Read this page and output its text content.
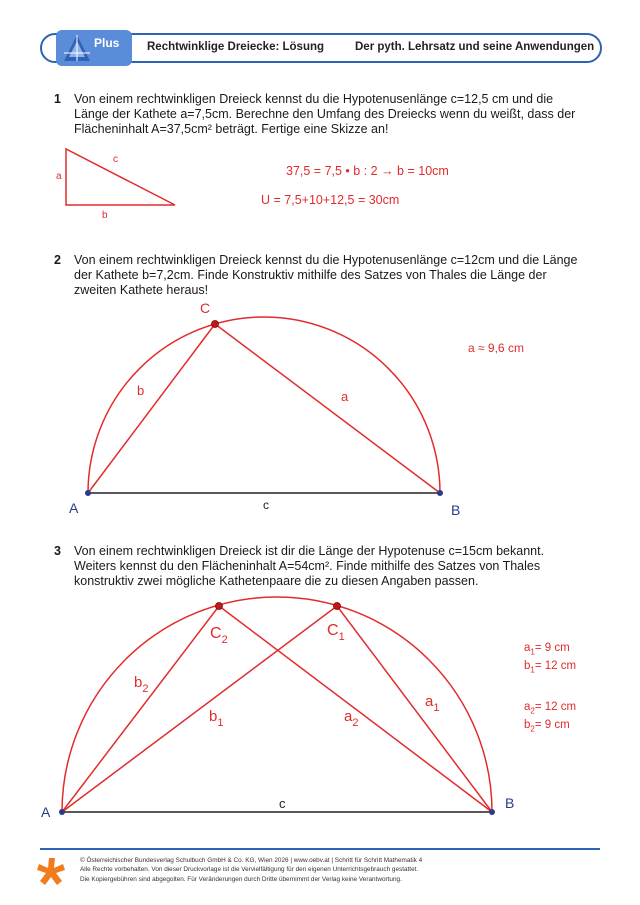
Plus Rechtwinklige Dreiecke: Lösung	Der pyth. Lehrsatz und seine Anwendungen
1 Von einem rechtwinkligen Dreieck kennst du die Hypotenusenlänge c=12,5 cm und die
Länge der Kathete a=7,5cm. Berechne den Umfang des Dreiecks wenn du weißt, dass der
Flächeninhalt A=37,5cm² beträgt. Fertige eine Skizze an!
a
c
b
A	B
C
b	a
c
A
B
c
$C_2$
$C_1$
$b_2$
$b_1$	$a_2$
$a_1$
37,5 = 7,5 • b : 2 → b = 10cm
U = 7,5+10+12,5 = 30cm
2 Von einem rechtwinkligen Dreieck kennst du die Hypotenusenlänge c=12cm und die Länge
der Kathete b=7,2cm. Finde Konstruktiv mithilfe des Satzes von Thales die Länge der
zweiten Kathete heraus!
a ≈ 9,6 cm
3 Von einem rechtwinkligen Dreieck ist dir die Länge der Hypotenuse c=15cm bekannt.
Weiters kennst du den Flächeninhalt A=54cm². Finde mithilfe des Satzes von Thales
konstruktiv zwei mögliche Kathetenpaare die zu diesen Angaben passen.
$a_1= 9$ cm
$b_1= 12$ cm
$a_2= 12$ cm
$b_2= 9$ cm
© Österreichischer Bundesverlag Schulbuch GmbH & Co. KG, Wien 2026 | www.oebv.at | Schritt für Schritt Mathematik 4
Alle Rechte vorbehalten. Von dieser Druckvorlage ist die Vervielfältigung für den eigenen Unterrichtsgebrauch gestattet.
Die Kopiergebühren sind abgegolten. Für Veränderungen durch Dritte übernimmt der Verlag keine Verantwortung.
